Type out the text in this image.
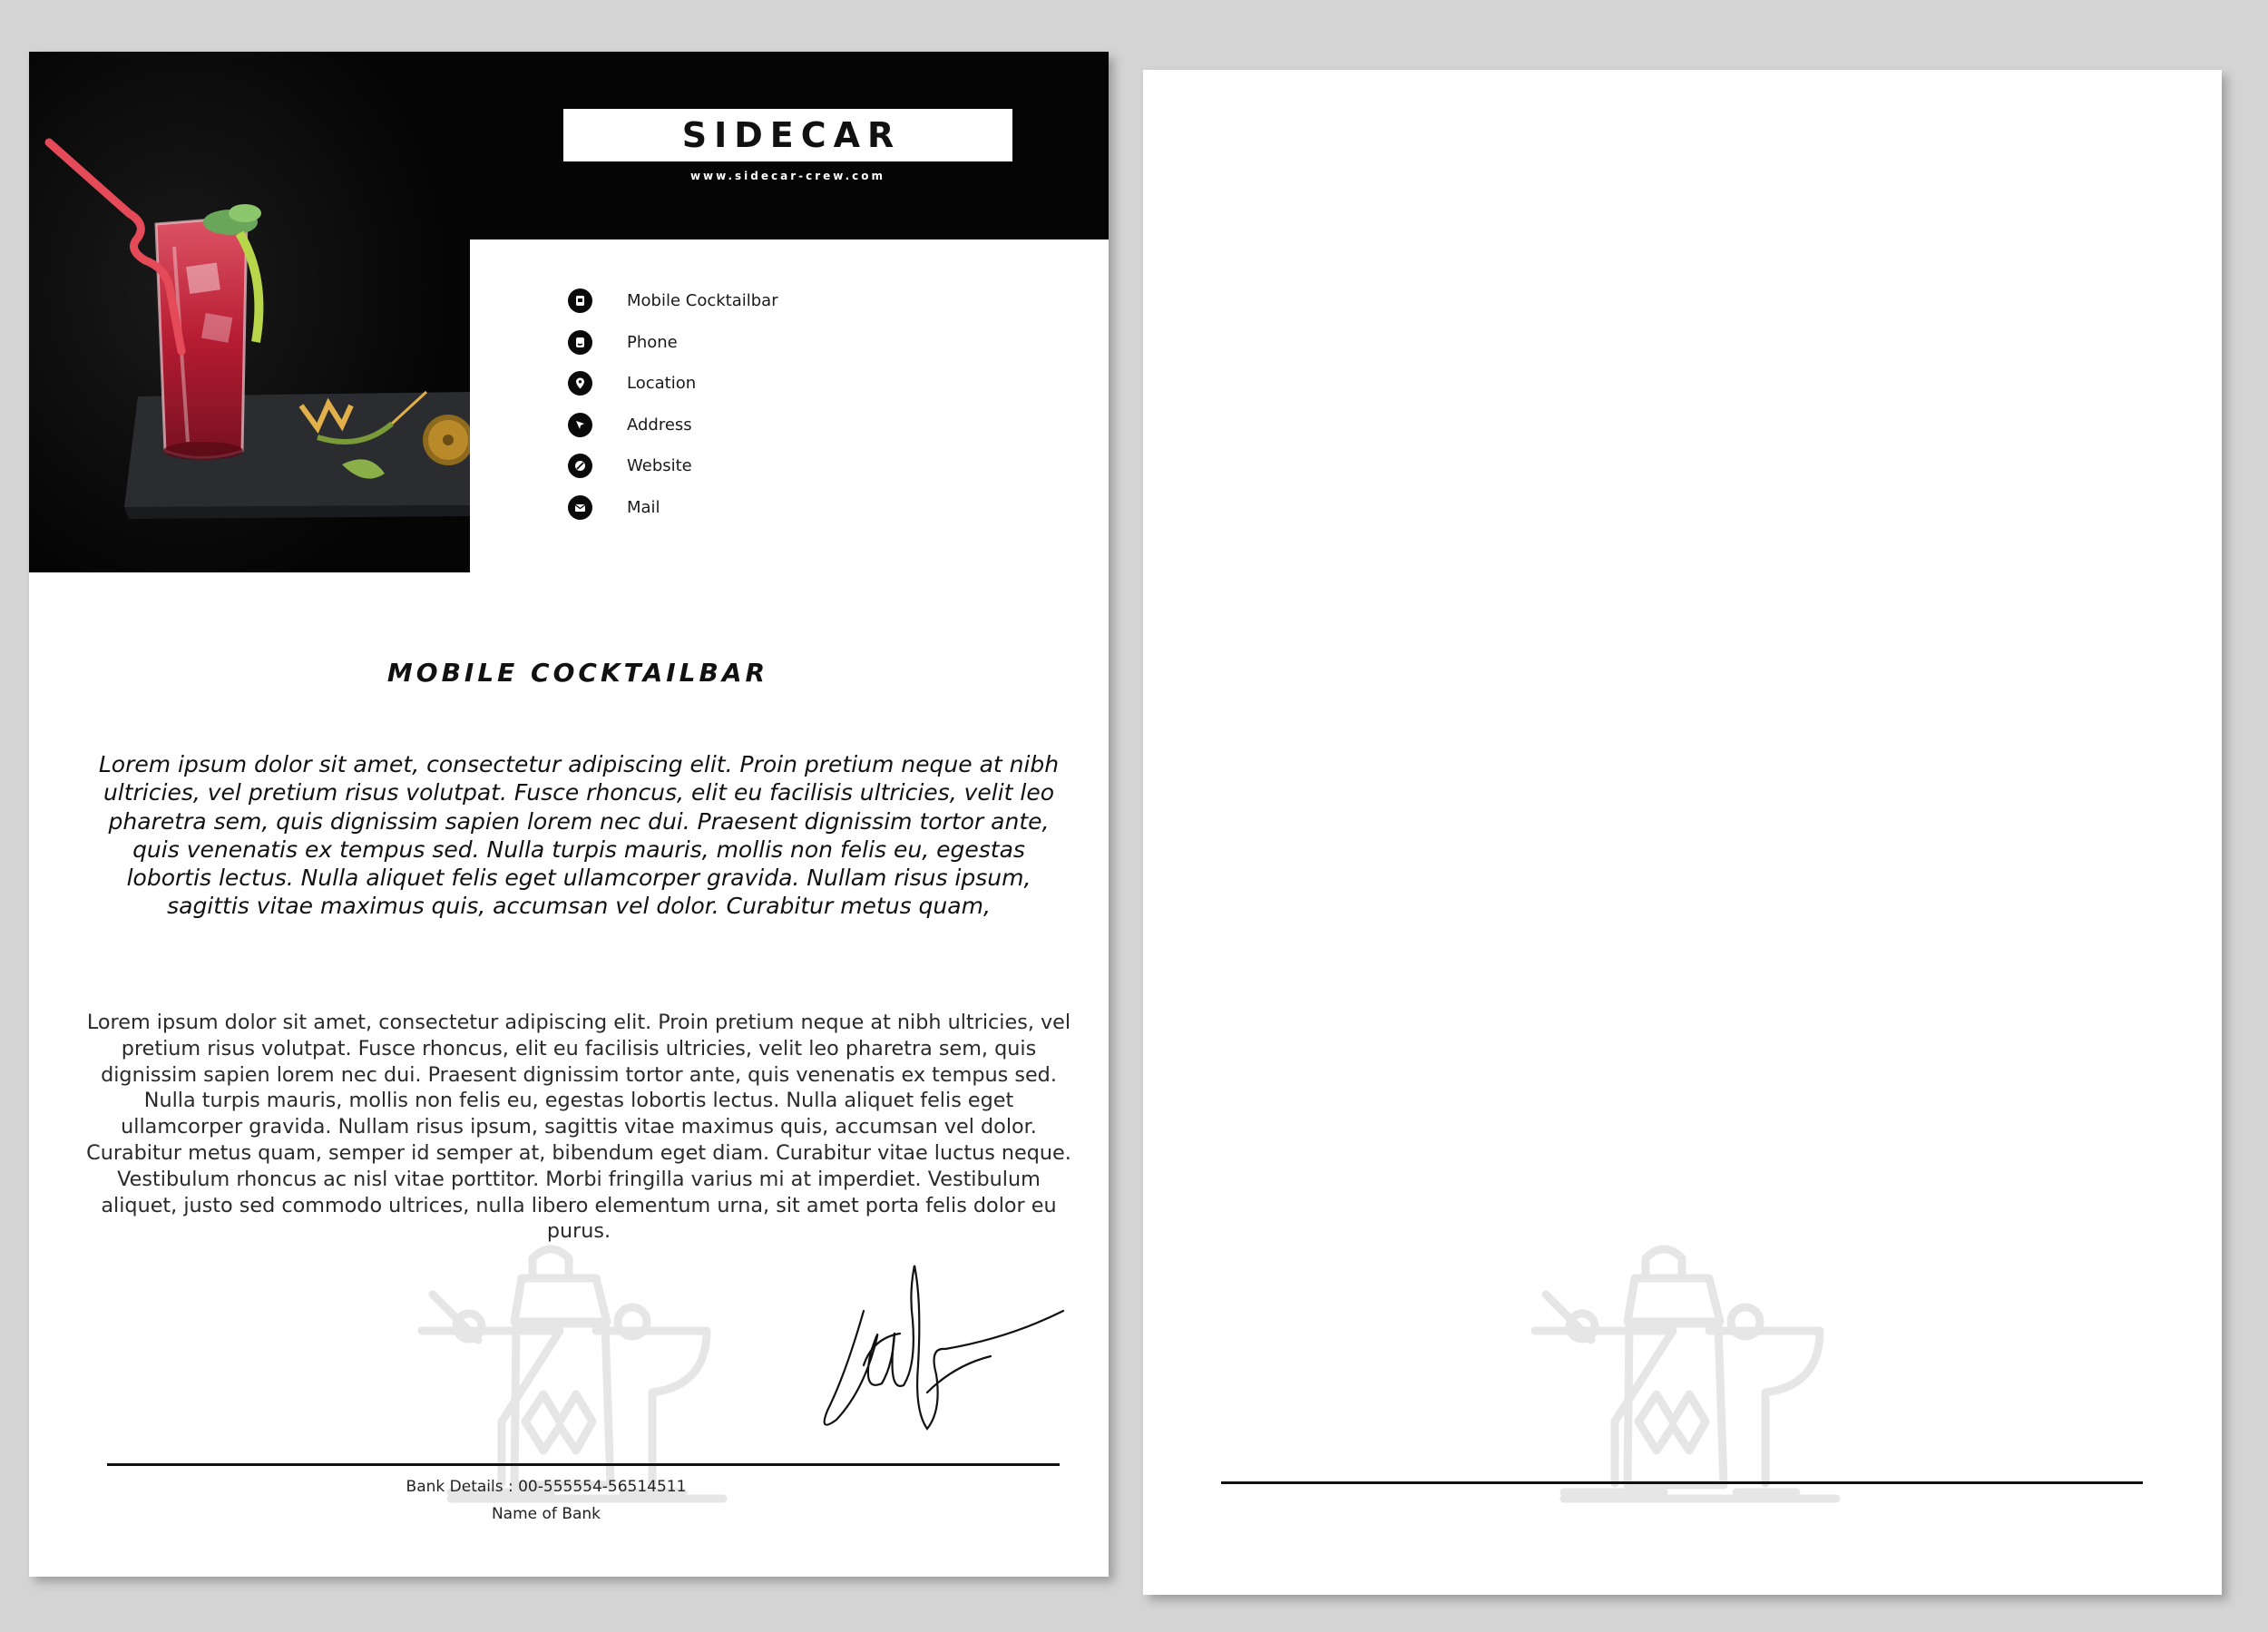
SIDECAR
www.sidecar-crew.com
Mobile Cocktailbar
Phone
Location
Address
Website
Mail
MOBILE COCKTAILBAR

Lorem ipsum dolor sit amet, consectetur adipiscing elit. Proin pretium neque at nibh ultricies, vel pretium risus volutpat. Fusce rhoncus, elit eu facilisis ultricies, velit leo pharetra sem, quis dignissim sapien lorem nec dui. Praesent dignissim tortor ante, quis venenatis ex tempus sed. Nulla turpis mauris, mollis non felis eu, egestas lobortis lectus. Nulla aliquet felis eget ullamcorper gravida. Nullam risus ipsum, sagittis vitae maximus quis, accumsan vel dolor. Curabitur metus quam,

Lorem ipsum dolor sit amet, consectetur adipiscing elit. Proin pretium neque at nibh ultricies, vel pretium risus volutpat. Fusce rhoncus, elit eu facilisis ultricies, velit leo pharetra sem, quis dignissim sapien lorem nec dui. Praesent dignissim tortor ante, quis venenatis ex tempus sed. Nulla turpis mauris, mollis non felis eu, egestas lobortis lectus. Nulla aliquet felis eget ullamcorper gravida. Nullam risus ipsum, sagittis vitae maximus quis, accumsan vel dolor. Curabitur metus quam, semper id semper at, bibendum eget diam. Curabitur vitae luctus neque. Vestibulum rhoncus ac nisl vitae porttitor. Morbi fringilla varius mi at imperdiet. Vestibulum aliquet, justo sed commodo ultrices, nulla libero elementum urna, sit amet porta felis dolor eu purus.

Bank Details : 00-555554-56514511
Name of Bank
